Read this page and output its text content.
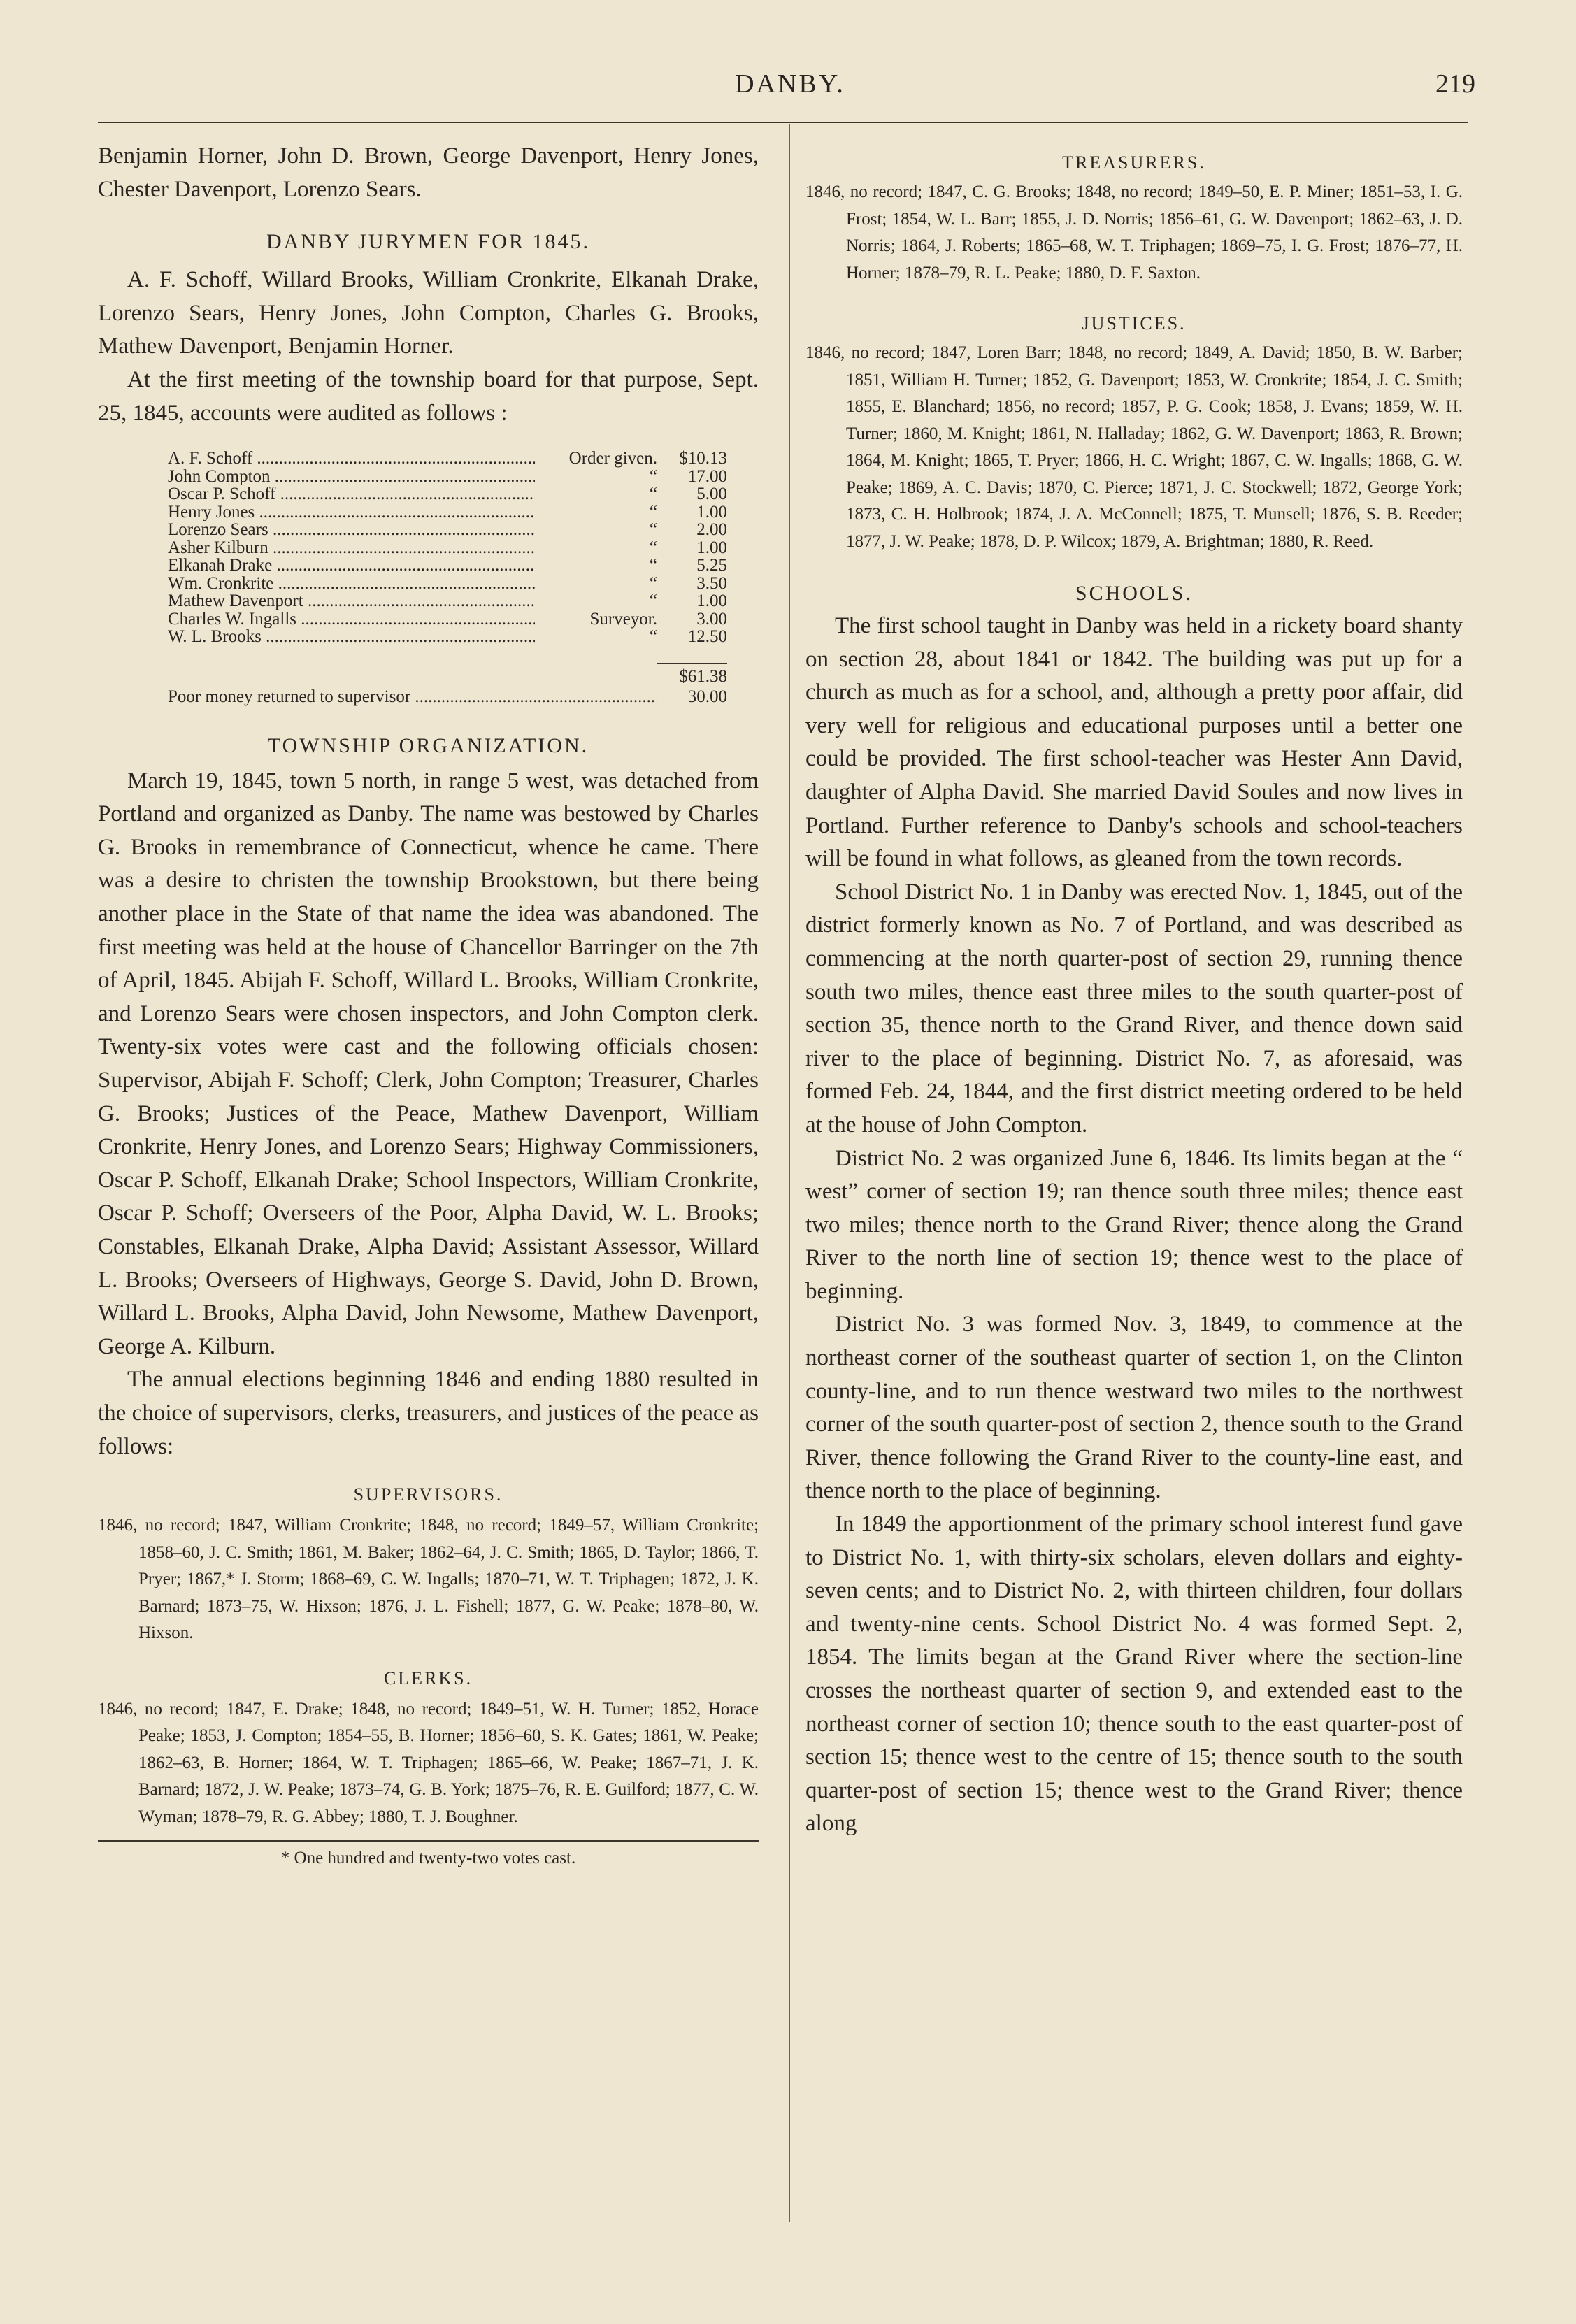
DANBY.	219

Benjamin Horner, John D. Brown, George Davenport, Henry Jones, Chester Davenport, Lorenzo Sears.

DANBY JURYMEN FOR 1845.

A. F. Schoff, Willard Brooks, William Cronkrite, Elkanah Drake, Lorenzo Sears, Henry Jones, John Compton, Charles G. Brooks, Mathew Davenport, Benjamin Horner.

At the first meeting of the township board for that purpose, Sept. 25, 1845, accounts were audited as follows :

A. F. Schoff .....	Order given.	$10.13
John Compton .....	“	17.00
Oscar P. Schoff .....	“	5.00
Henry Jones .....	“	1.00
Lorenzo Sears .....	“	2.00
Asher Kilburn .....	“	1.00
Elkanah Drake .....	“	5.25
Wm. Cronkrite .....	“	3.50
Mathew Davenport .....	“	1.00
Charles W. Ingalls .....	Surveyor.	3.00
W. L. Brooks .....	“	12.50
$61.38
Poor money returned to supervisor .....	30.00

TOWNSHIP ORGANIZATION.

March 19, 1845, town 5 north, in range 5 west, was detached from Portland and organized as Danby. The name was bestowed by Charles G. Brooks in remembrance of Connecticut, whence he came. There was a desire to christen the township Brookstown, but there being another place in the State of that name the idea was abandoned. The first meeting was held at the house of Chancellor Barringer on the 7th of April, 1845. Abijah F. Schoff, Willard L. Brooks, William Cronkrite, and Lorenzo Sears were chosen inspectors, and John Compton clerk. Twenty-six votes were cast and the following officials chosen: Supervisor, Abijah F. Schoff; Clerk, John Compton; Treasurer, Charles G. Brooks; Justices of the Peace, Mathew Davenport, William Cronkrite, Henry Jones, and Lorenzo Sears; Highway Commissioners, Oscar P. Schoff, Elkanah Drake; School Inspectors, William Cronkrite, Oscar P. Schoff; Overseers of the Poor, Alpha David, W. L. Brooks; Constables, Elkanah Drake, Alpha David; Assistant Assessor, Willard L. Brooks; Overseers of Highways, George S. David, John D. Brown, Willard L. Brooks, Alpha David, John Newsome, Mathew Davenport, George A. Kilburn.

The annual elections beginning 1846 and ending 1880 resulted in the choice of supervisors, clerks, treasurers, and justices of the peace as follows:

SUPERVISORS.

1846, no record; 1847, William Cronkrite; 1848, no record; 1849–57, William Cronkrite; 1858–60, J. C. Smith; 1861, M. Baker; 1862–64, J. C. Smith; 1865, D. Taylor; 1866, T. Pryer; 1867,* J. Storm; 1868–69, C. W. Ingalls; 1870–71, W. T. Triphagen; 1872, J. K. Barnard; 1873–75, W. Hixson; 1876, J. L. Fishell; 1877, G. W. Peake; 1878–80, W. Hixson.

CLERKS.

1846, no record; 1847, E. Drake; 1848, no record; 1849–51, W. H. Turner; 1852, Horace Peake; 1853, J. Compton; 1854–55, B. Horner; 1856–60, S. K. Gates; 1861, W. Peake; 1862–63, B. Horner; 1864, W. T. Triphagen; 1865–66, W. Peake; 1867–71, J. K. Barnard; 1872, J. W. Peake; 1873–74, G. B. York; 1875–76, R. E. Guilford; 1877, C. W. Wyman; 1878–79, R. G. Abbey; 1880, T. J. Boughner.

* One hundred and twenty-two votes cast.

TREASURERS.

1846, no record; 1847, C. G. Brooks; 1848, no record; 1849–50, E. P. Miner; 1851–53, I. G. Frost; 1854, W. L. Barr; 1855, J. D. Norris; 1856–61, G. W. Davenport; 1862–63, J. D. Norris; 1864, J. Roberts; 1865–68, W. T. Triphagen; 1869–75, I. G. Frost; 1876–77, H. Horner; 1878–79, R. L. Peake; 1880, D. F. Saxton.

JUSTICES.

1846, no record; 1847, Loren Barr; 1848, no record; 1849, A. David; 1850, B. W. Barber; 1851, William H. Turner; 1852, G. Davenport; 1853, W. Cronkrite; 1854, J. C. Smith; 1855, E. Blanchard; 1856, no record; 1857, P. G. Cook; 1858, J. Evans; 1859, W. H. Turner; 1860, M. Knight; 1861, N. Halladay; 1862, G. W. Davenport; 1863, R. Brown; 1864, M. Knight; 1865, T. Pryer; 1866, H. C. Wright; 1867, C. W. Ingalls; 1868, G. W. Peake; 1869, A. C. Davis; 1870, C. Pierce; 1871, J. C. Stockwell; 1872, George York; 1873, C. H. Holbrook; 1874, J. A. McConnell; 1875, T. Munsell; 1876, S. B. Reeder; 1877, J. W. Peake; 1878, D. P. Wilcox; 1879, A. Brightman; 1880, R. Reed.

SCHOOLS.

The first school taught in Danby was held in a rickety board shanty on section 28, about 1841 or 1842. The building was put up for a church as much as for a school, and, although a pretty poor affair, did very well for religious and educational purposes until a better one could be provided. The first school-teacher was Hester Ann David, daughter of Alpha David. She married David Soules and now lives in Portland. Further reference to Danby's schools and school-teachers will be found in what follows, as gleaned from the town records.

School District No. 1 in Danby was erected Nov. 1, 1845, out of the district formerly known as No. 7 of Portland, and was described as commencing at the north quarter-post of section 29, running thence south two miles, thence east three miles to the south quarter-post of section 35, thence north to the Grand River, and thence down said river to the place of beginning. District No. 7, as aforesaid, was formed Feb. 24, 1844, and the first district meeting ordered to be held at the house of John Compton.

District No. 2 was organized June 6, 1846. Its limits began at the “ west” corner of section 19; ran thence south three miles; thence east two miles; thence north to the Grand River; thence along the Grand River to the north line of section 19; thence west to the place of beginning.

District No. 3 was formed Nov. 3, 1849, to commence at the northeast corner of the southeast quarter of section 1, on the Clinton county-line, and to run thence westward two miles to the northwest corner of the south quarter-post of section 2, thence south to the Grand River, thence following the Grand River to the county-line east, and thence north to the place of beginning.

In 1849 the apportionment of the primary school interest fund gave to District No. 1, with thirty-six scholars, eleven dollars and eighty-seven cents; and to District No. 2, with thirteen children, four dollars and twenty-nine cents. School District No. 4 was formed Sept. 2, 1854. The limits began at the Grand River where the section-line crosses the northeast quarter of section 9, and extended east to the northeast corner of section 10; thence south to the east quarter-post of section 15; thence west to the centre of 15; thence south to the south quarter-post of section 15; thence west to the Grand River; thence along
